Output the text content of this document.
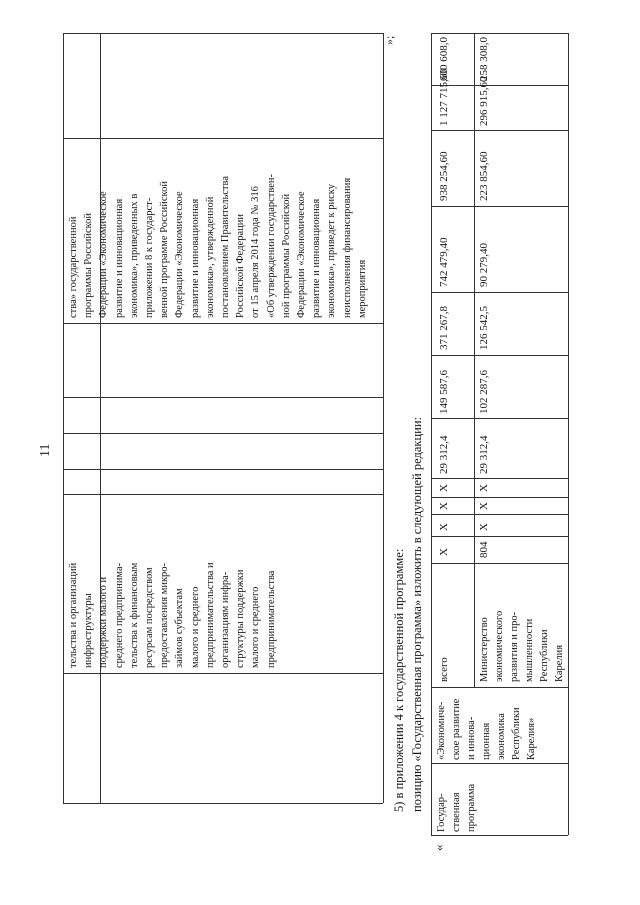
11
тельства и организаций инфраструктуры поддержки малого и среднего предпринима- тельства к финансовым ресурсам посредством предоставления микро- займов субъектам малого и среднего предпринимательства и организациям инфра- структуры поддержки малого и среднего предпринимательства
ства» государственной программы Российской Федерации «Экономическое развитие и инновационная экономика», приведенных в приложении 8 к государст- венной программе Российской Федерации «Экономическое развитие и инновационная экономика», утвержденной постановлением Правительства Российской Федерации от 15 апреля 2014 года № 316 «Об утверждении государствен- ной программы Российской Федерации «Экономическое развитие и инновационная экономика», приведет к риску неисполнения финансирования мероприятия
»;
5) в приложении 4 к государственной программе: позицию «Государственная программа» изложить в следующей редакции:
«
Государ- ственная программа
«Экономиче- ское развитие и иннова- ционная экономика Республики Карелия»
всего
X
X
X
X
29 312,4
149 587,6
371 267,8
742 479,40
938 254,60
1 127 715,60
600 608,0
Министерство экономического развития и про- мышленности Республики Карелия
804
X
X
X
29 312,4
102 287,6
126 542,5
90 279,40
223 854,60
296 915,60
258 308,0
